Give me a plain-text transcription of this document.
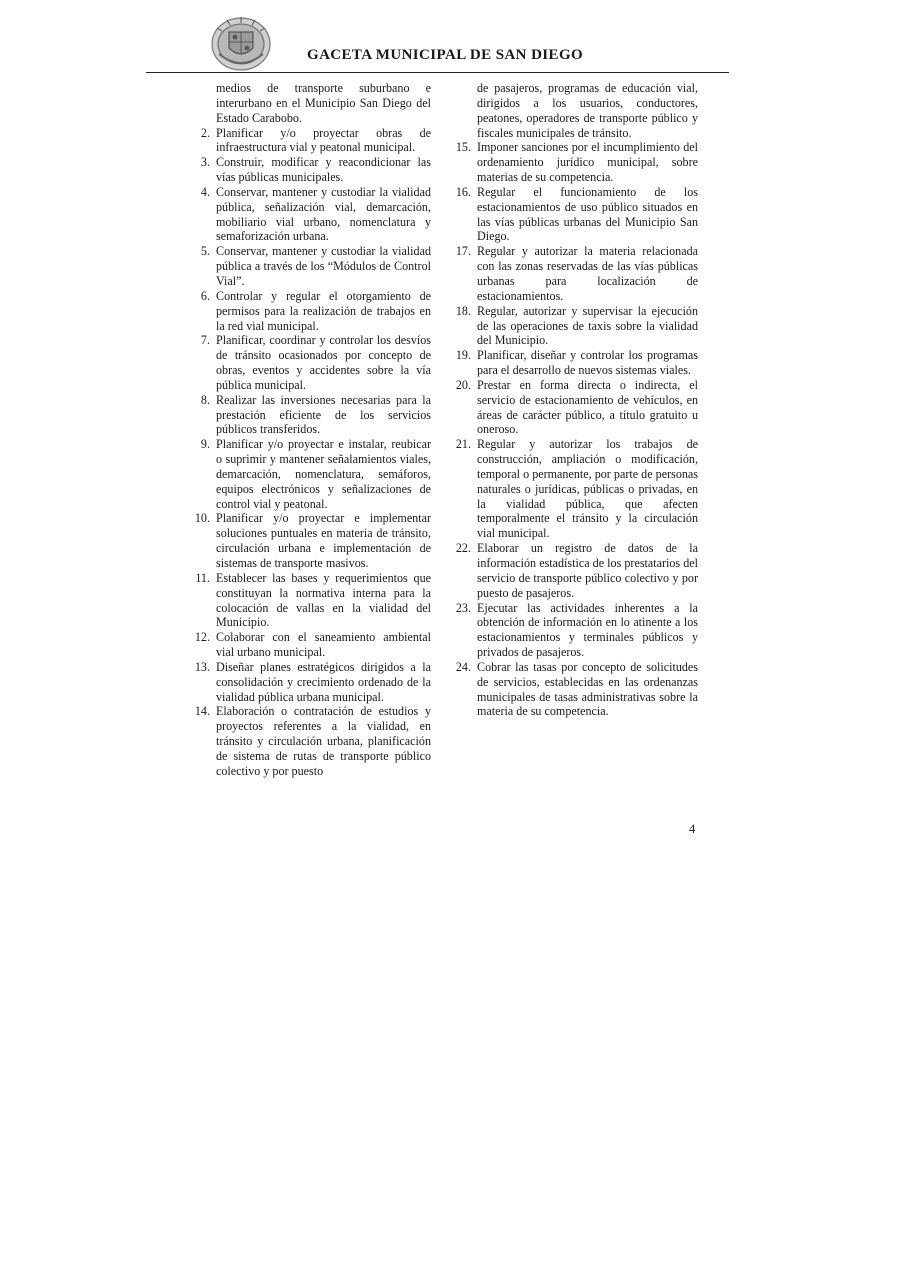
GACETA MUNICIPAL DE SAN DIEGO
medios de transporte suburbano e interurbano en el Municipio San Diego del Estado Carabobo.
2. Planificar y/o proyectar obras de infraestructura vial y peatonal municipal.
3. Construir, modificar y reacondicionar las vías públicas municipales.
4. Conservar, mantener y custodiar la vialidad pública, señalización vial, demarcación, mobiliario vial urbano, nomenclatura y semaforización urbana.
5. Conservar, mantener y custodiar la vialidad pública a través de los “Módulos de Control Vial”.
6. Controlar y regular el otorgamiento de permisos para la realización de trabajos en la red vial municipal.
7. Planificar, coordinar y controlar los desvíos de tránsito ocasionados por concepto de obras, eventos y accidentes sobre la vía pública municipal.
8. Realizar las inversiones necesarias para la prestación eficiente de los servicios públicos transferidos.
9. Planificar y/o proyectar e instalar, reubicar o suprimir y mantener señalamientos viales, demarcación, nomenclatura, semáforos, equipos electrónicos y señalizaciones de control vial y peatonal.
10. Planificar y/o proyectar e implementar soluciones puntuales en materia de tránsito, circulación urbana e implementación de sistemas de transporte masivos.
11. Establecer las bases y requerimientos que constituyan la normativa interna para la colocación de vallas en la vialidad del Municipio.
12. Colaborar con el saneamiento ambiental vial urbano municipal.
13. Diseñar planes estratégicos dirigidos a la consolidación y crecimiento ordenado de la vialidad pública urbana municipal.
14. Elaboración o contratación de estudios y proyectos referentes a la vialidad, en tránsito y circulación urbana, planificación de sistema de rutas de transporte público colectivo y por puesto
de pasajeros, programas de educación vial, dirigidos a los usuarios, conductores, peatones, operadores de transporte público y fiscales municipales de tránsito.
15. Imponer sanciones por el incumplimiento del ordenamiento jurídico municipal, sobre materias de su competencia.
16. Regular el funcionamiento de los estacionamientos de uso público situados en las vías públicas urbanas del Municipio San Diego.
17. Regular y autorizar la materia relacionada con las zonas reservadas de las vías públicas urbanas para localización de estacionamientos.
18. Regular, autorizar y supervisar la ejecución de las operaciones de taxis sobre la vialidad del Municipio.
19. Planificar, diseñar y controlar los programas para el desarrollo de nuevos sistemas viales.
20. Prestar en forma directa o indirecta, el servicio de estacionamiento de vehículos, en áreas de carácter público, a título gratuito u oneroso.
21. Regular y autorizar los trabajos de construcción, ampliación o modificación, temporal o permanente, por parte de personas naturales o jurídicas, públicas o privadas, en la vialidad pública, que afecten temporalmente el tránsito y la circulación vial municipal.
22. Elaborar un registro de datos de la información estadística de los prestatarios del servicio de transporte público colectivo y por puesto de pasajeros.
23. Ejecutar las actividades inherentes a la obtención de información en lo atinente a los estacionamientos y terminales públicos y privados de pasajeros.
24. Cobrar las tasas por concepto de solicitudes de servicios, establecidas en las ordenanzas municipales de tasas administrativas sobre la materia de su competencia.
4
